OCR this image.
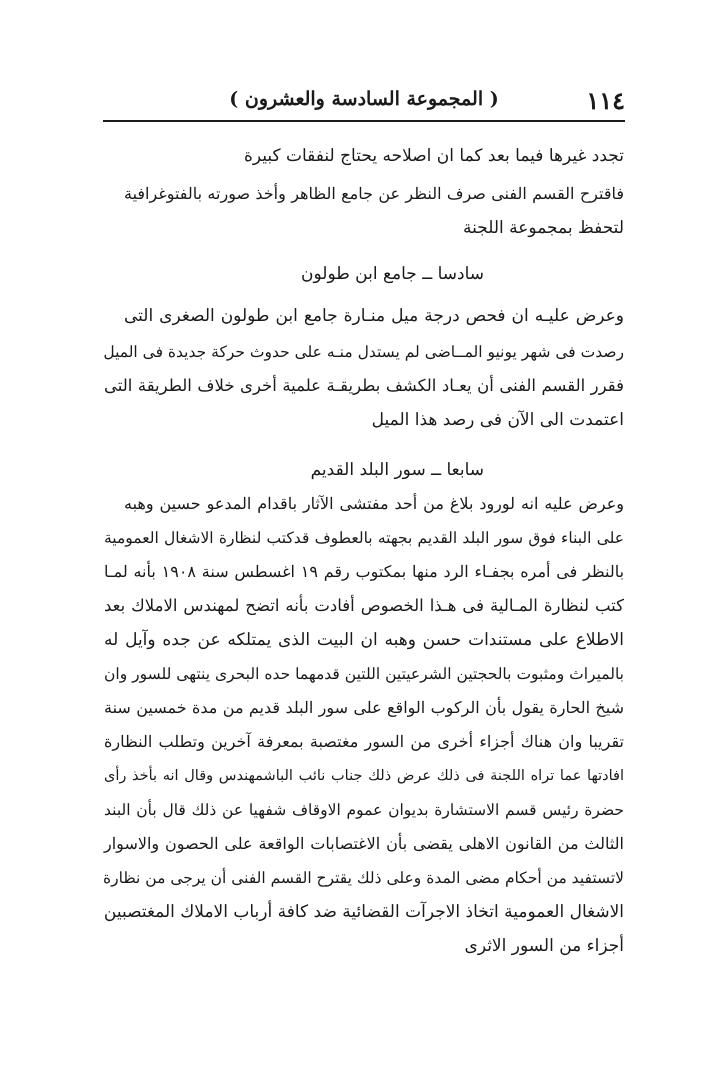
١١٤
( المجموعة السادسة والعشرون )
تجدد غيرها فيما بعد كما ان اصلاحه يحتاج لنفقات كبيرة
فاقترح القسم الفنى صرف النظر عن جامع الظاهر وأخذ صورته بالفتوغرافية
لتحفظ بمجموعة اللجنة
سادسا ــ جامع ابن طولون
وعرض عليـه ان فحص درجة ميل منـارة جامع ابن طولون الصغرى التى
رصدت فى شهر يونيو المــاضى لم يستدل منـه على حدوث حركة جديدة فى الميل
فقرر القسم الفنى أن يعـاد الكشف بطريقـة علمية أخرى خلاف الطريقة التى
اعتمدت الى الآن فى رصد هذا الميل
سابعا ــ سور البلد القديم
وعرض عليه انه لورود بلاغ من أحد مفتشى الآثار باقدام المدعو حسين وهبه
على البناء فوق سور البلد القديم بجهته بالعطوف قدكتب لنظارة الاشغال العمومية
بالنظر فى أمره بجفـاء الرد منها بمكتوب رقم ١٩ اغسطس سنة ١٩٠٨ بأنه لمـا
كتب لنظارة المـالية فى هـذا الخصوص أفادت بأنه اتضح لمهندس الاملاك بعد
الاطلاع على مستندات حسن وهبه ان البيت الذى يمتلكه عن جده وآيل له
بالميراث ومثبوت بالحجتين الشرعيتين اللتين قدمهما حده البحرى ينتهى للسور وان
شيخ الحارة يقول بأن الركوب الواقع على سور البلد قديم من مدة خمسين سنة
تقريبا وان هناك أجزاء أخرى من السور مغتصبة بمعرفة آخرين وتطلب النظارة
افادتها عما تراه اللجنة فى ذلك عرض ذلك جناب نائب الباشمهندس وقال انه بأخذ رأى
حضرة رئيس قسم الاستشارة بديوان عموم الاوقاف شفهيا عن ذلك قال بأن البند
الثالث من القانون الاهلى يقضى بأن الاغتصابات الواقعة على الحصون والاسوار
لاتستفيد من أحكام مضى المدة وعلى ذلك يقترح القسم الفنى أن يرجى من نظارة
الاشغال العمومية اتخاذ الاجرآت القضائية ضد كافة أرباب الاملاك المغتصبين
أجزاء من السور الاثرى
